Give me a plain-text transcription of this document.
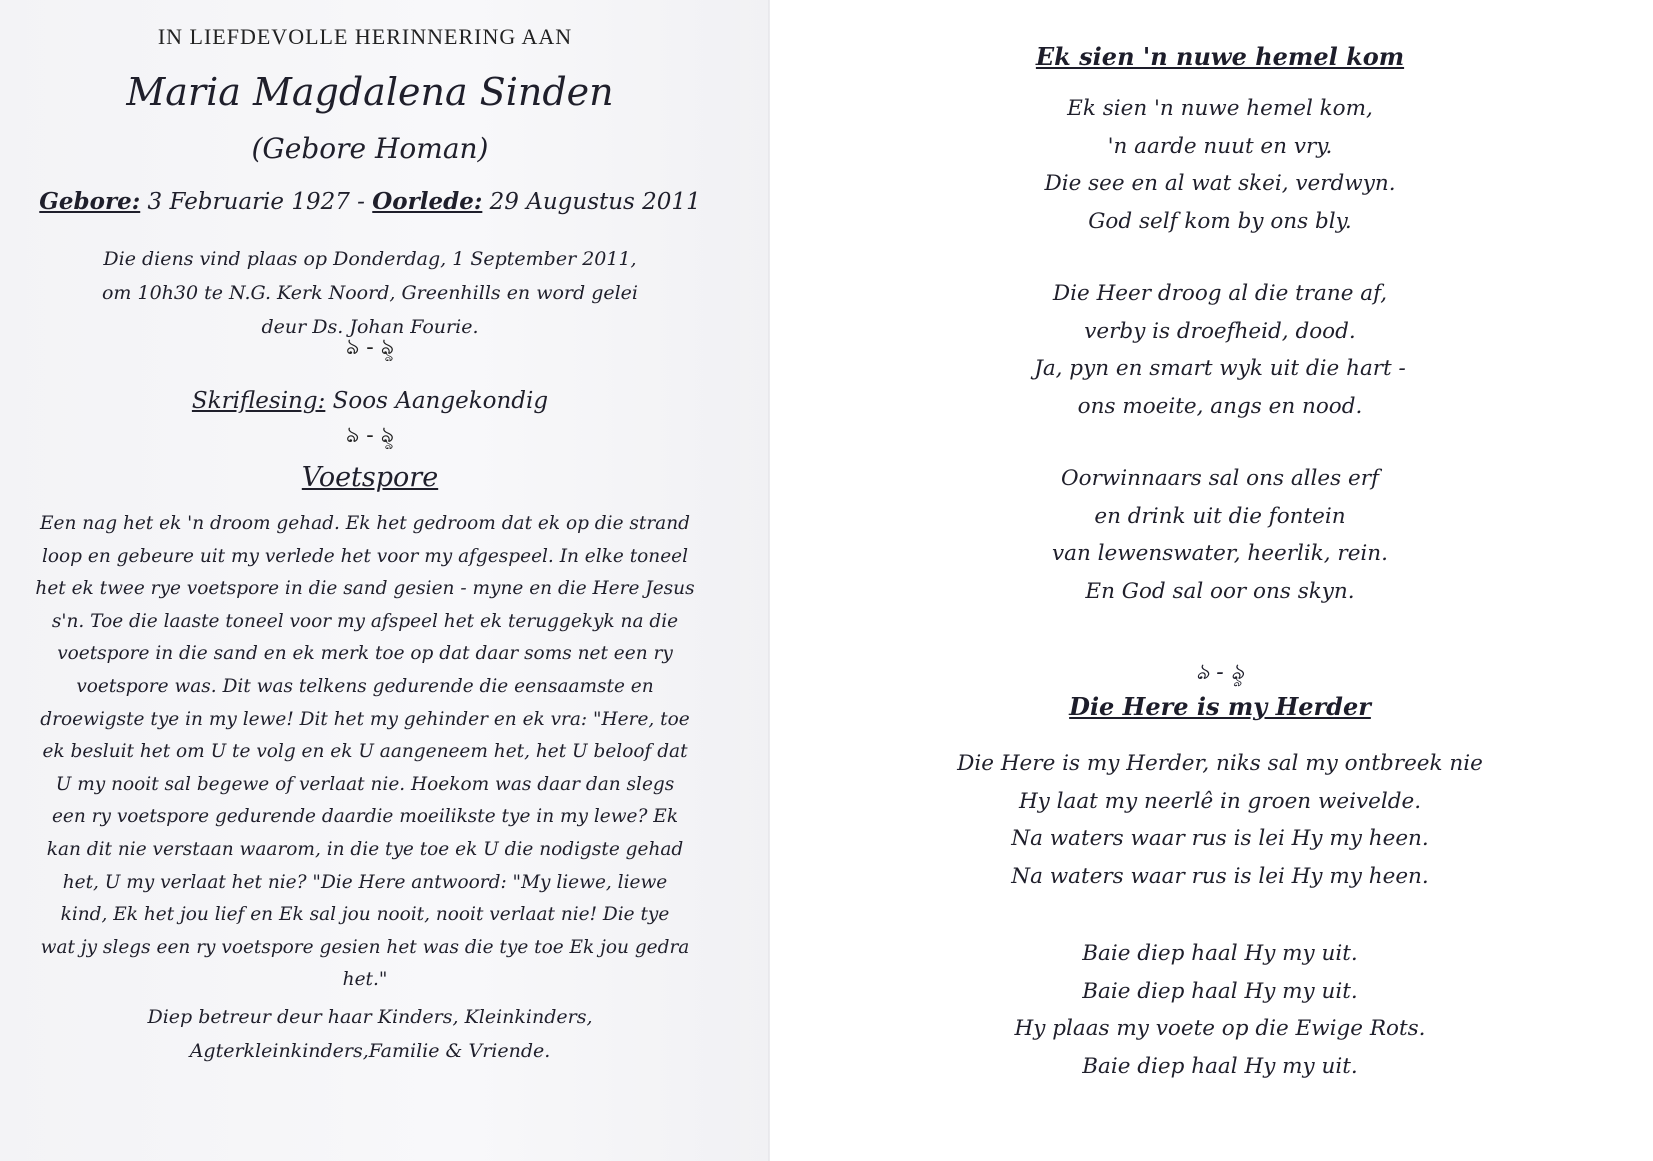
IN LIEFDEVOLLE HERINNERING AAN
Maria Magdalena Sinden
(Gebore Homan)
Gebore: 3 Februarie 1927 - Oorlede: 29 Augustus 2011
Die diens vind plaas op Donderdag, 1 September 2011,
om 10h30 te N.G. Kerk Noord, Greenhills en word gelei
deur Ds. Johan Fourie.
ঌ - ৡ
Skriflesing: Soos Aangekondig
ঌ - ৡ
Voetspore
Een nag het ek 'n droom gehad. Ek het gedroom dat ek op die strand
loop en gebeure uit my verlede het voor my afgespeel. In elke toneel
het ek twee rye voetspore in die sand gesien - myne en die Here Jesus
s'n. Toe die laaste toneel voor my afspeel het ek teruggekyk na die
voetspore in die sand en ek merk toe op dat daar soms net een ry
voetspore was. Dit was telkens gedurende die eensaamste en
droewigste tye in my lewe! Dit het my gehinder en ek vra: "Here, toe
ek besluit het om U te volg en ek U aangeneem het, het U beloof dat
U my nooit sal begewe of verlaat nie. Hoekom was daar dan slegs
een ry voetspore gedurende daardie moeilikste tye in my lewe? Ek
kan dit nie verstaan waarom, in die tye toe ek U die nodigste gehad
het, U my verlaat het nie? "Die Here antwoord: "My liewe, liewe
kind, Ek het jou lief en Ek sal jou nooit, nooit verlaat nie! Die tye
wat jy slegs een ry voetspore gesien het was die tye toe Ek jou gedra
het."
Diep betreur deur haar Kinders, Kleinkinders,
Agterkleinkinders,Familie & Vriende.
Ek sien 'n nuwe hemel kom
Ek sien 'n nuwe hemel kom,
'n aarde nuut en vry.
Die see en al wat skei, verdwyn.
God self kom by ons bly.
Die Heer droog al die trane af,
verby is droefheid, dood.
Ja, pyn en smart wyk uit die hart -
ons moeite, angs en nood.
Oorwinnaars sal ons alles erf
en drink uit die fontein
van lewenswater, heerlik, rein.
En God sal oor ons skyn.
ঌ - ৡ
Die Here is my Herder
Die Here is my Herder, niks sal my ontbreek nie
Hy laat my neerlê in groen weivelde.
Na waters waar rus is lei Hy my heen.
Na waters waar rus is lei Hy my heen.
Baie diep haal Hy my uit.
Baie diep haal Hy my uit.
Hy plaas my voete op die Ewige Rots.
Baie diep haal Hy my uit.
